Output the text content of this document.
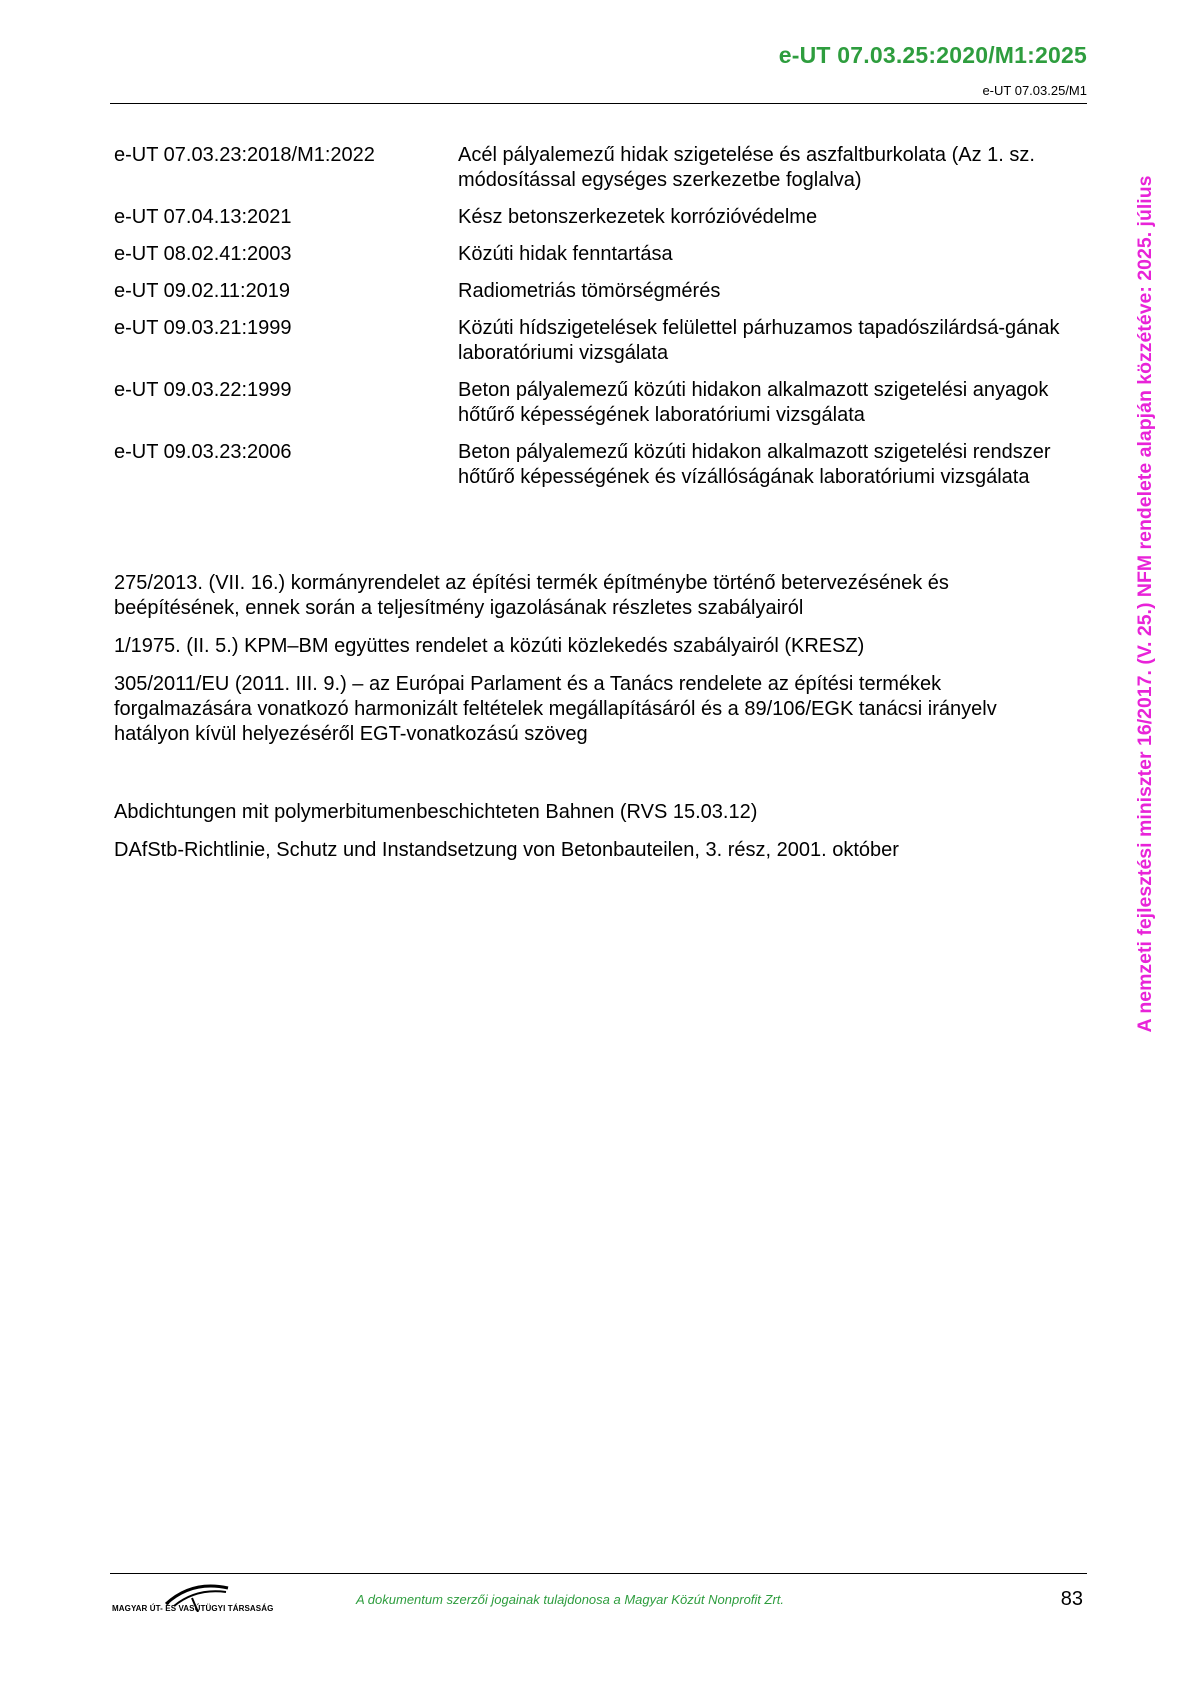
e-UT 07.03.25:2020/M1:2025
e-UT 07.03.25/M1
e-UT 07.03.23:2018/M1:2022	Acél pályalemezű hidak szigetelése és aszfaltburkolata (Az 1. sz. módosítással egységes szerkezetbe foglalva)
e-UT 07.04.13:2021	Kész betonszerkezetek korrózióvédelme
e-UT 08.02.41:2003	Közúti hidak fenntartása
e-UT 09.02.11:2019	Radiometriás tömörségmérés
e-UT 09.03.21:1999	Közúti hídszigetelések felülettel párhuzamos tapadószilárdsá-gának laboratóriumi vizsgálata
e-UT 09.03.22:1999	Beton pályalemezű közúti hidakon alkalmazott szigetelési anyagok hőtűrő képességének laboratóriumi vizsgálata
e-UT 09.03.23:2006	Beton pályalemezű közúti hidakon alkalmazott szigetelési rendszer hőtűrő képességének és vízállóságának laboratóriumi vizsgálata

275/2013. (VII. 16.) kormányrendelet az építési termék építménybe történő betervezésének és beépítésének, ennek során a teljesítmény igazolásának részletes szabályairól

1/1975. (II. 5.) KPM–BM együttes rendelet a közúti közlekedés szabályairól (KRESZ)

305/2011/EU (2011. III. 9.) – az Európai Parlament és a Tanács rendelete az építési termékek forgalmazására vonatkozó harmonizált feltételek megállapításáról és a 89/106/EGK tanácsi irányelv hatályon kívül helyezéséről EGT-vonatkozású szöveg

Abdichtungen mit polymerbitumenbeschichteten Bahnen (RVS 15.03.12)

DAfStb-Richtlinie, Schutz und Instandsetzung von Betonbauteilen, 3. rész, 2001. október	A nemzeti fejlesztési miniszter 16/2017. (V. 25.) NFM rendelete alapján közzétéve: 2025. július
MAGYAR ÚT- ÉS VASÚTÜGYI TÁRSASÁG
A dokumentum szerzői jogainak tulajdonosa a Magyar Közút Nonprofit Zrt.	83
